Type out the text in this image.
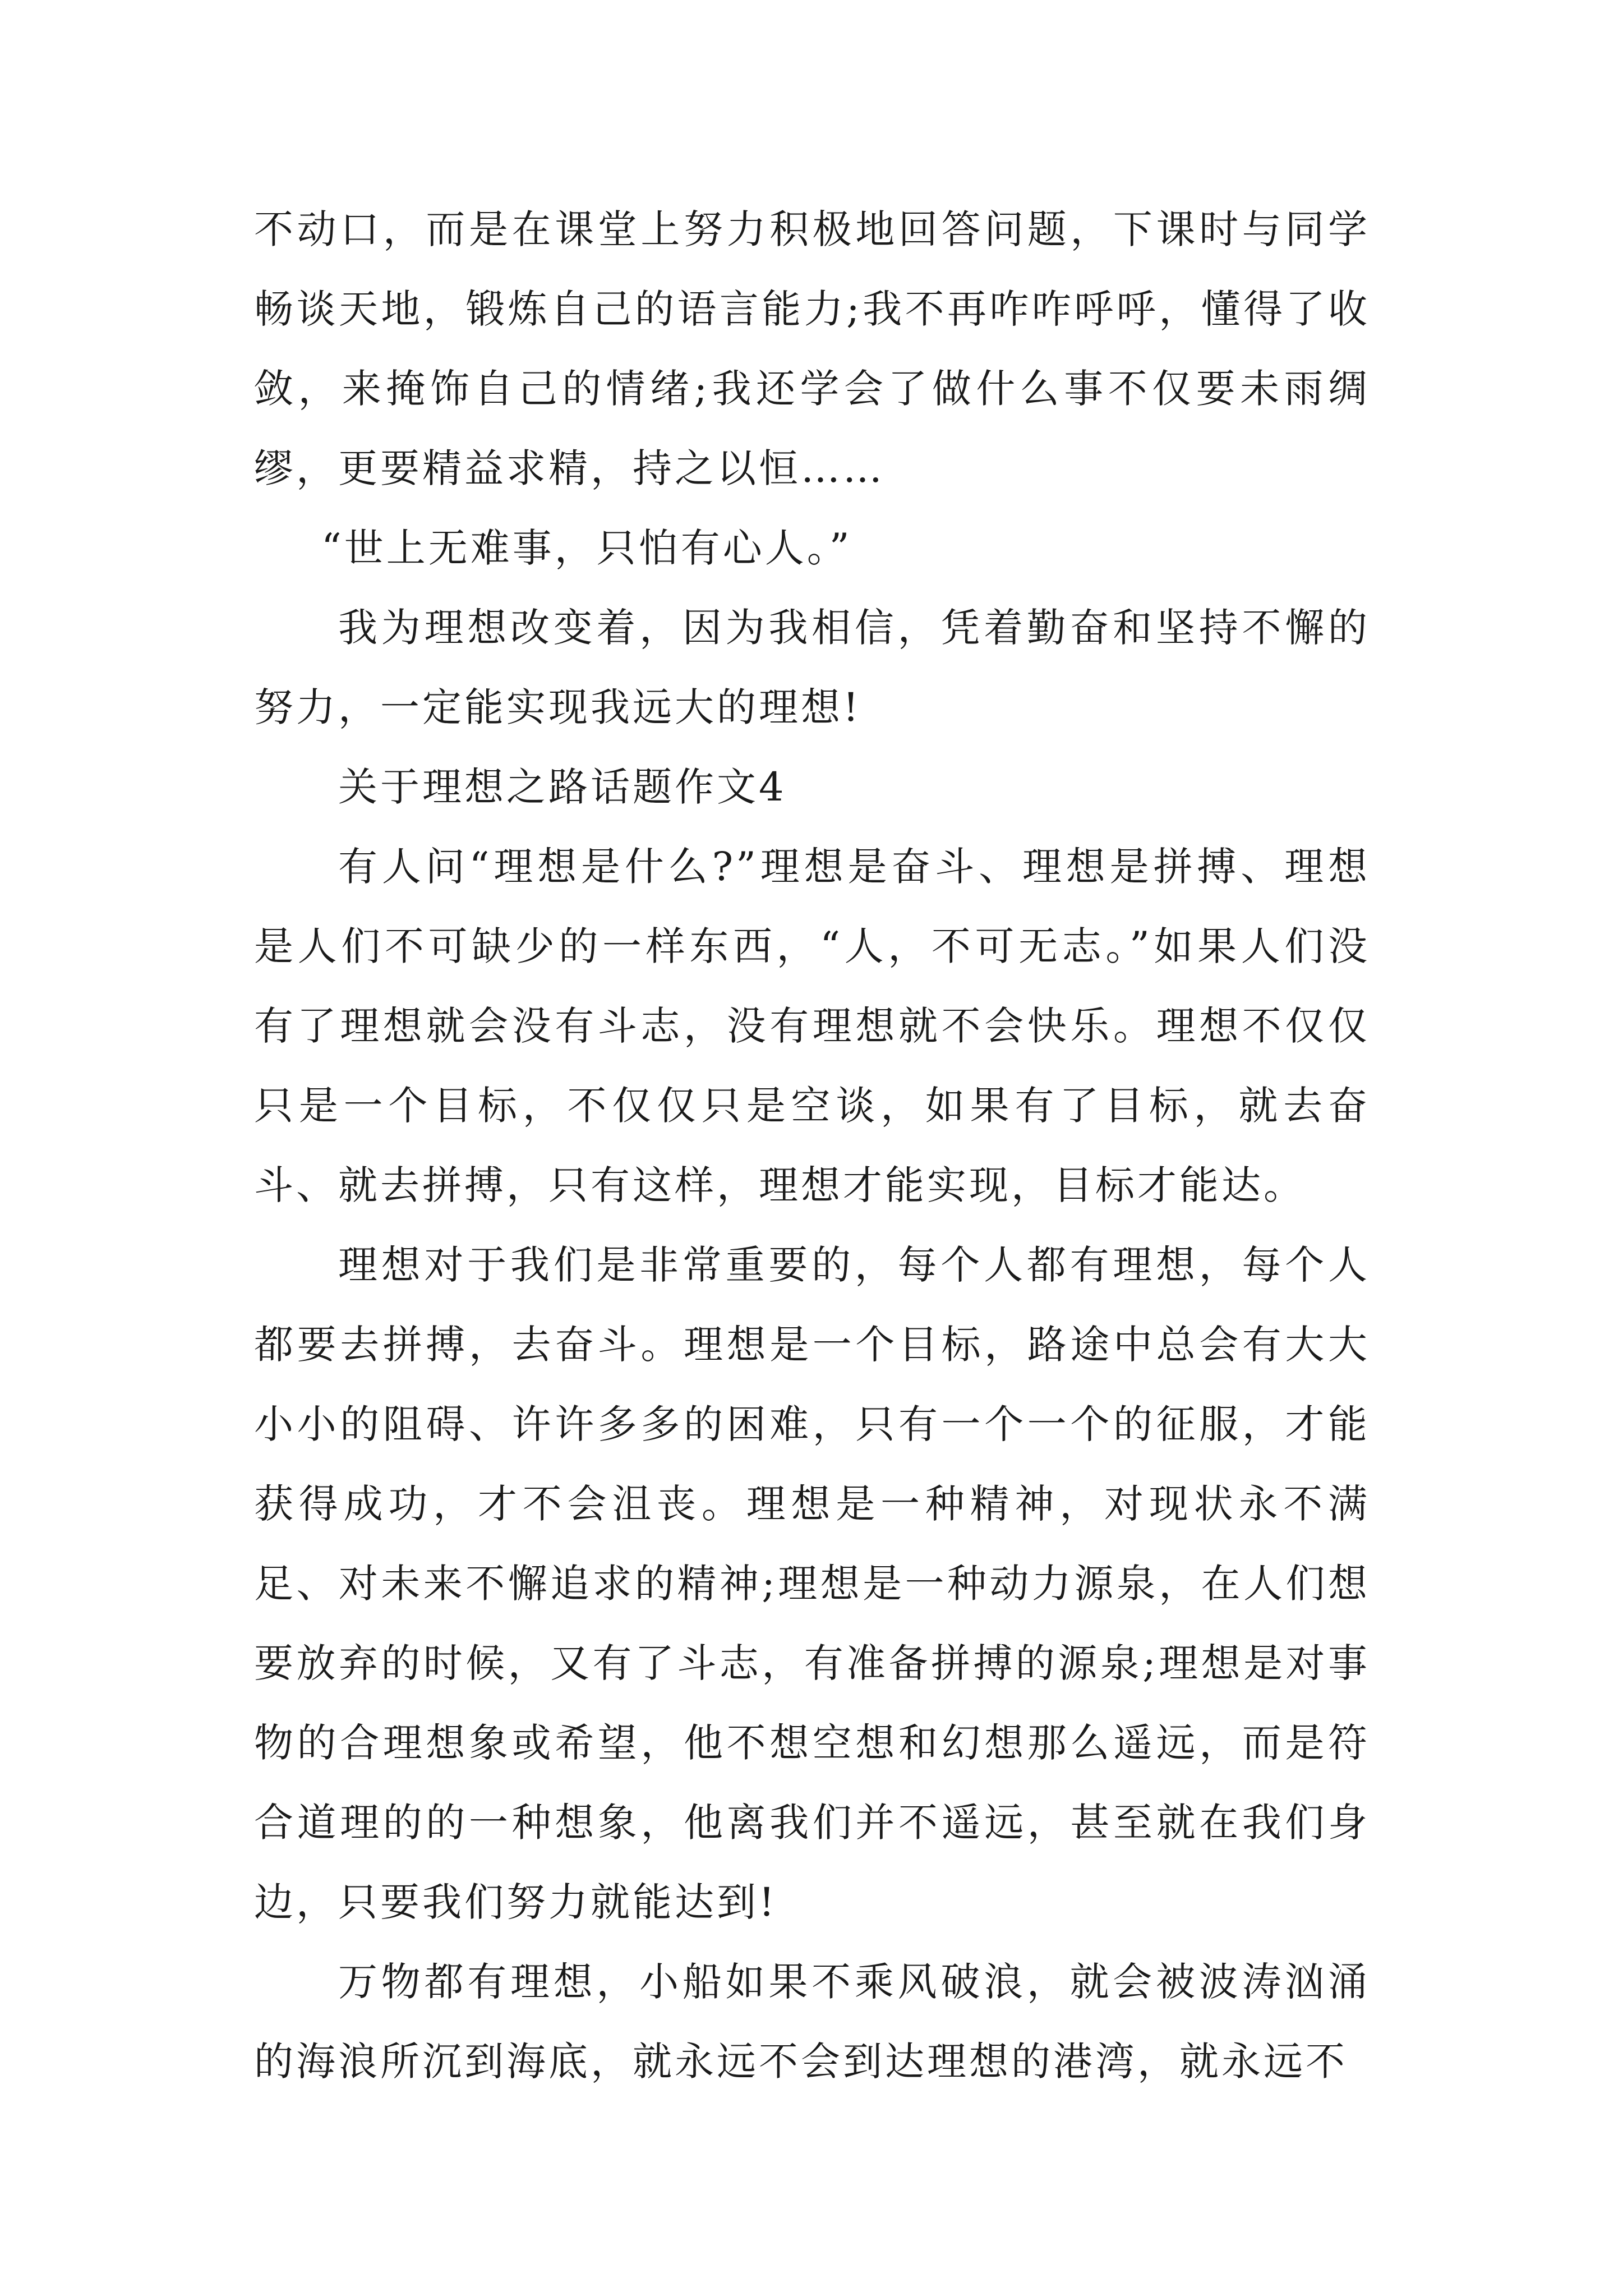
不动口，而是在课堂上努力积极地回答问题，下课时与同学畅谈天地，锻炼自己的语言能力;我不再咋咋呼呼，懂得了收敛，来掩饰自己的情绪;我还学会了做什么事不仅要未雨绸缪，更要精益求精，持之以恒……

“世上无难事，只怕有心人。”

我为理想改变着，因为我相信，凭着勤奋和坚持不懈的努力，一定能实现我远大的理想!

关于理想之路话题作文4

有人问“理想是什么?”理想是奋斗、理想是拼搏、理想是人们不可缺少的一样东西，“人，不可无志。”如果人们没有了理想就会没有斗志，没有理想就不会快乐。理想不仅仅只是一个目标，不仅仅只是空谈，如果有了目标，就去奋斗、就去拼搏，只有这样，理想才能实现，目标才能达。

理想对于我们是非常重要的，每个人都有理想，每个人都要去拼搏，去奋斗。理想是一个目标，路途中总会有大大小小的阻碍、许许多多的困难，只有一个一个的征服，才能获得成功，才不会沮丧。理想是一种精神，对现状永不满足、对未来不懈追求的精神;理想是一种动力源泉，在人们想要放弃的时候，又有了斗志，有准备拼搏的源泉;理想是对事物的合理想象或希望，他不想空想和幻想那么遥远，而是符合道理的的一种想象，他离我们并不遥远，甚至就在我们身边，只要我们努力就能达到!

万物都有理想，小船如果不乘风破浪，就会被波涛汹涌的海浪所沉到海底，就永远不会到达理想的港湾，就永远不
